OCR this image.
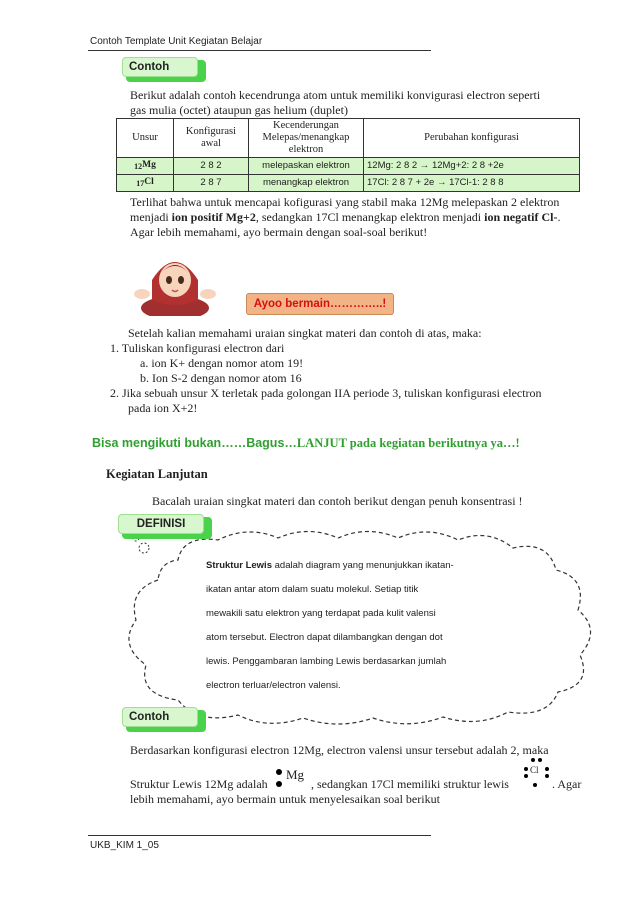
Contoh Template Unit Kegiatan Belajar
Contoh

Berikut adalah contoh kecendrunga atom untuk memiliki konvigurasi electron seperti

gas mulia (octet) ataupun gas helium (duplet)

Unsur	Konfigurasi awal	Kecenderungan Melepas/menangkap elektron	Perubahan konfigurasi
$_{12}$Mg	2 8 2	melepaskan elektron	12Mg: 2 8 2 → 12Mg+2: 2 8 +2e
$_{17}$Cl	2 8 7	menangkap elektron	17Cl: 2 8 7 + 2e → 17Cl-1: 2 8 8

Terlihat bahwa untuk mencapai kofigurasi yang stabil maka 12Mg melepaskan 2 elektron

menjadi ion positif Mg+2, sedangkan 17Cl menangkap elektron menjadi ion negatif Cl-.

Agar lebih memahami, ayo bermain dengan soal-soal berikut!

Ayoo bermain…………..!

Setelah kalian memahami uraian singkat materi dan contoh di atas, maka:

1. Tuliskan konfigurasi electron dari

a. ion K+ dengan nomor atom 19!

b. Ion S-2 dengan nomor atom 16

2. Jika sebuah unsur X terletak pada golongan IIA periode 3, tuliskan konfigurasi electron

pada ion X+2!

Bisa mengikuti bukan……Bagus…LANJUT pada kegiatan berikutnya ya…!
Kegiatan Lanjutan
Bacalah uraian singkat materi dan contoh berikut dengan penuh konsentrasi !
DEFINISI
Struktur Lewis adalah diagram yang menunjukkan ikatan-
ikatan antar atom dalam suatu molekul. Setiap titik
mewakili satu elektron yang terdapat pada kulit valensi
atom tersebut. Electron dapat dilambangkan dengan dot
lewis. Penggambaran lambing Lewis berdasarkan jumlah
electron terluar/electron valensi.
Contoh

Berdasarkan konfigurasi electron 12Mg, electron valensi unsur tersebut adalah 2, maka

Struktur Lewis 12Mg adalah
Mg
, sedangkan 17Cl memiliki struktur lewis
Cl
. Agar

lebih memahami, ayo bermain untuk menyelesaikan soal berikut

UKB_KIM 1_05
